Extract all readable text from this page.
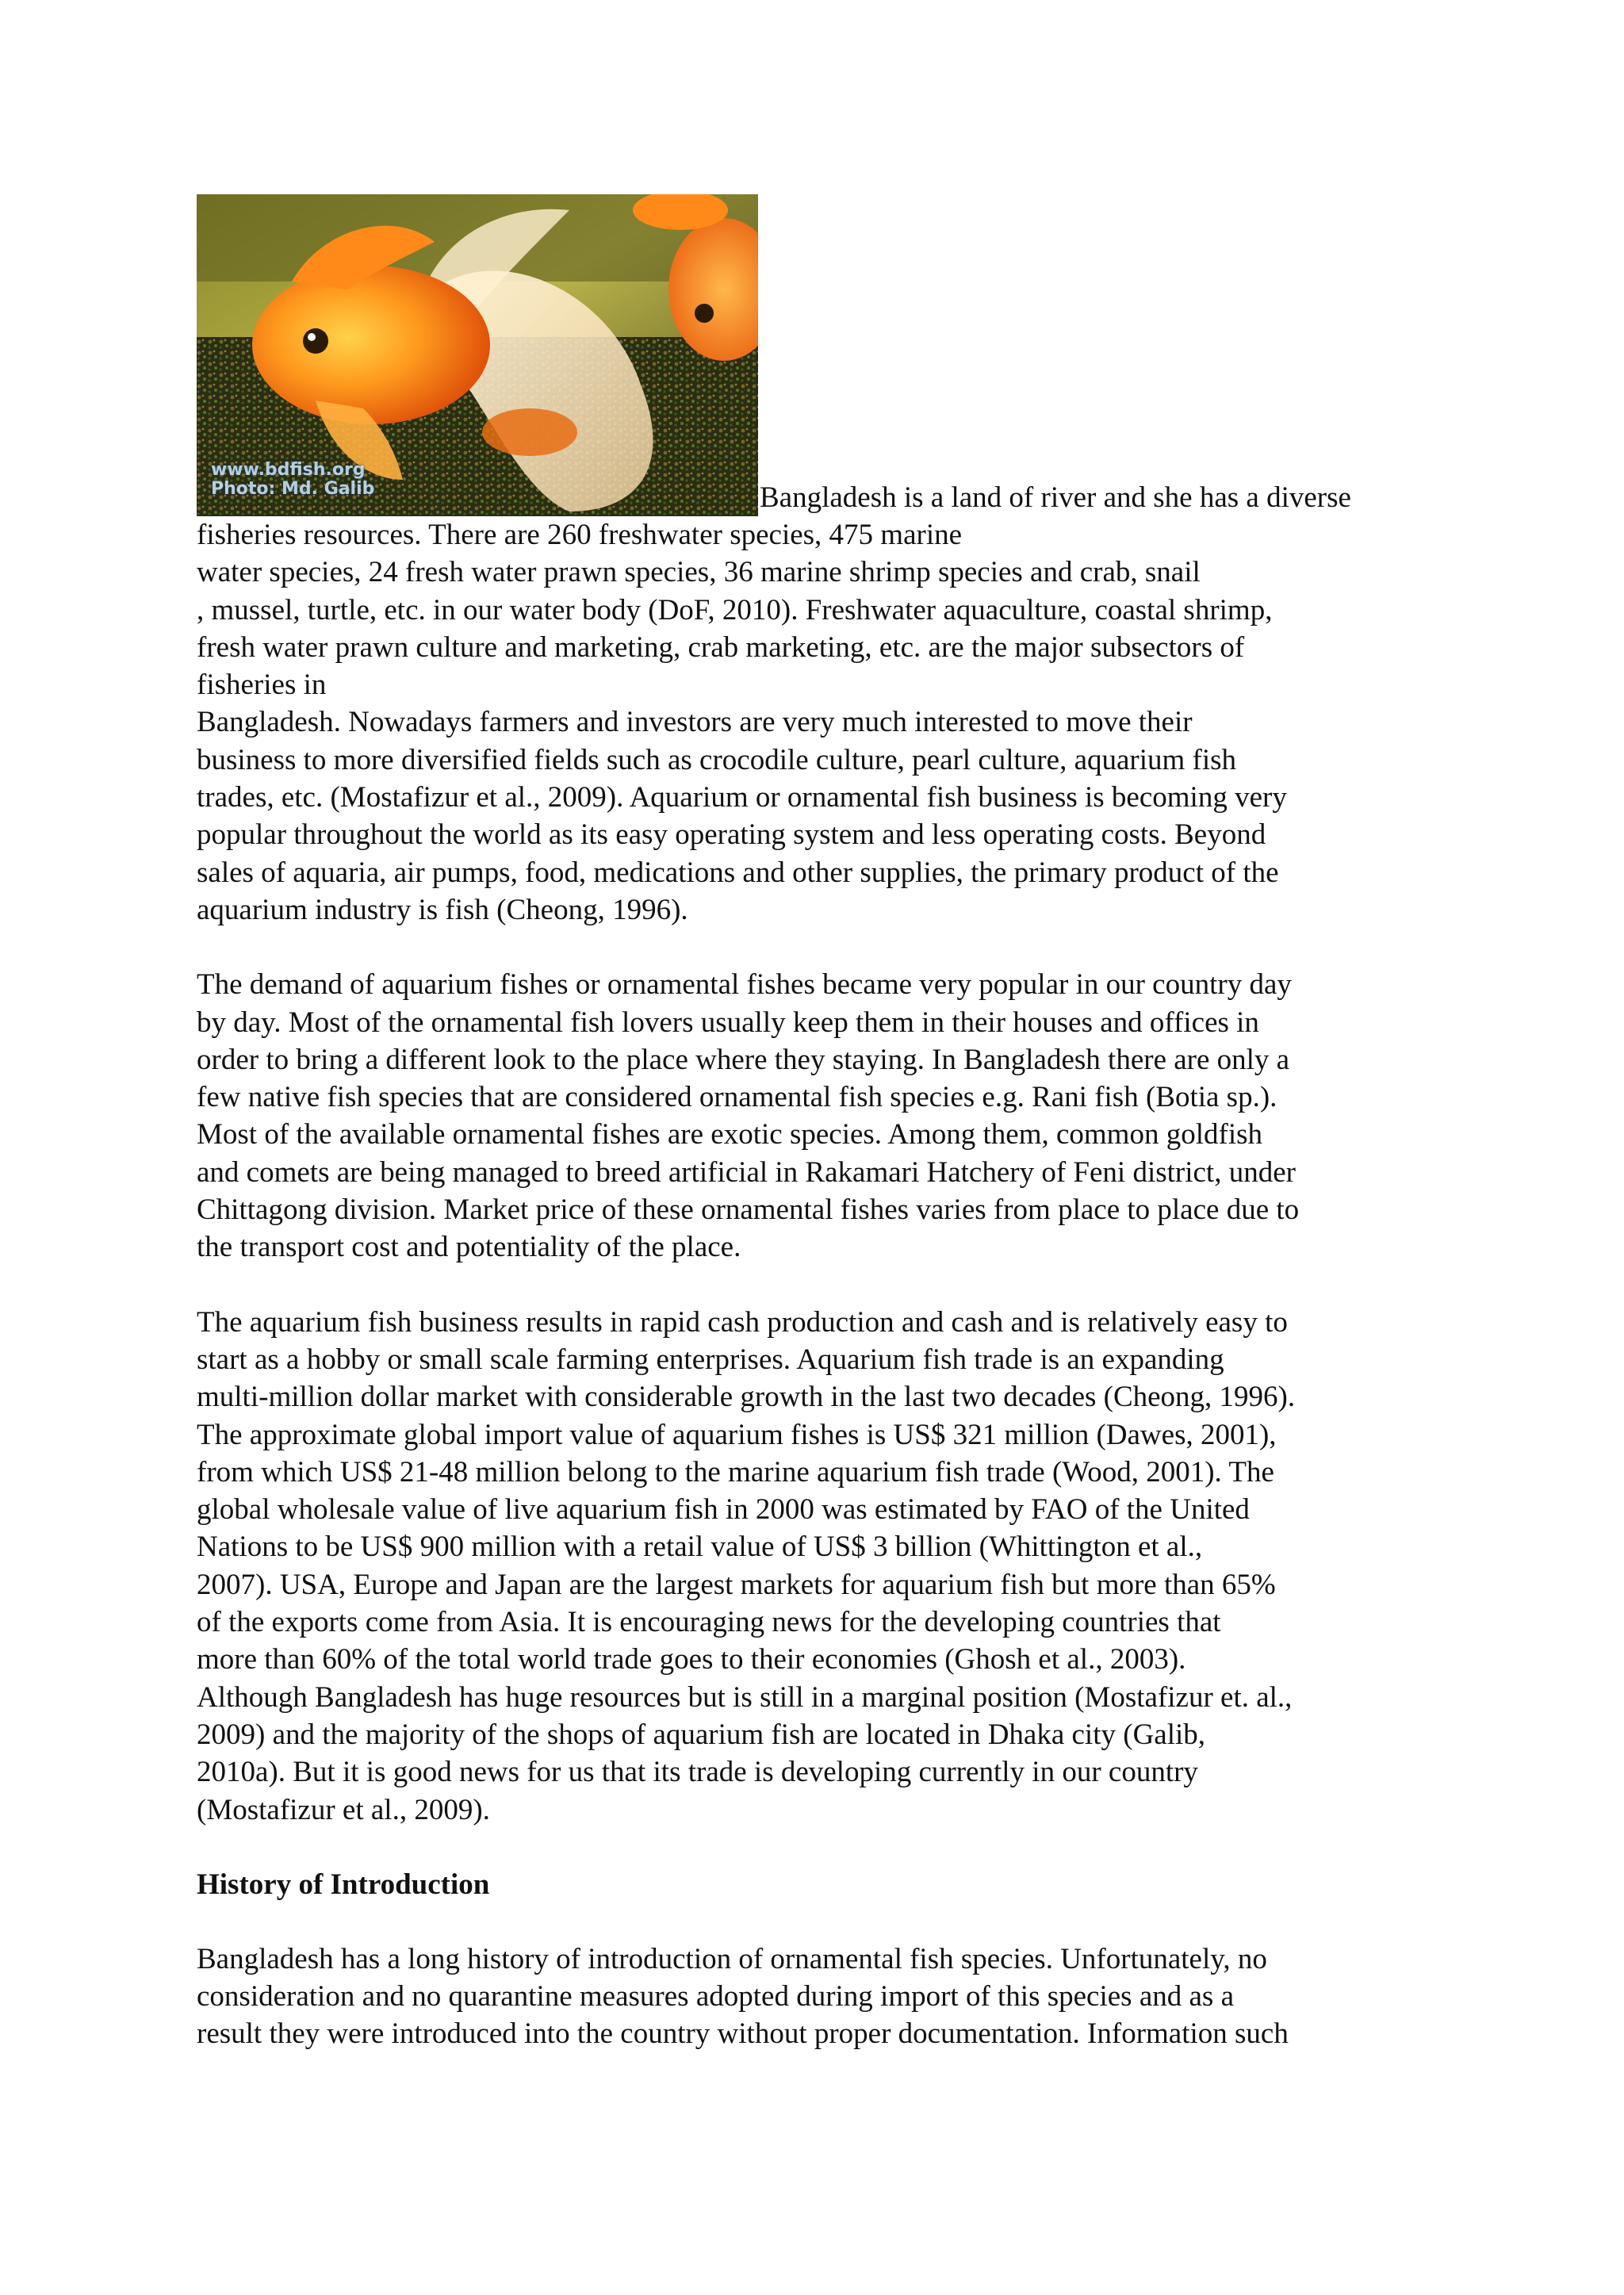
www.bdfish.org
Photo: Md. Galib	Bangladesh is a land of river and she has a diverse

fisheries resources. There are 260 freshwater species, 475 marine
water species, 24 fresh water prawn species, 36 marine shrimp species and crab, snail
, mussel, turtle, etc. in our water body (DoF, 2010). Freshwater aquaculture, coastal shrimp,
fresh water prawn culture and marketing, crab marketing, etc. are the major subsectors of
fisheries in
Bangladesh. Nowadays farmers and investors are very much interested to move their
business to more diversified fields such as crocodile culture, pearl culture, aquarium fish
trades, etc. (Mostafizur et al., 2009). Aquarium or ornamental fish business is becoming very
popular throughout the world as its easy operating system and less operating costs. Beyond
sales of aquaria, air pumps, food, medications and other supplies, the primary product of the
aquarium industry is fish (Cheong, 1996).

The demand of aquarium fishes or ornamental fishes became very popular in our country day
by day. Most of the ornamental fish lovers usually keep them in their houses and offices in
order to bring a different look to the place where they staying. In Bangladesh there are only a
few native fish species that are considered ornamental fish species e.g. Rani fish (Botia sp.).
Most of the available ornamental fishes are exotic species. Among them, common goldfish
and comets are being managed to breed artificial in Rakamari Hatchery of Feni district, under
Chittagong division. Market price of these ornamental fishes varies from place to place due to
the transport cost and potentiality of the place.

The aquarium fish business results in rapid cash production and cash and is relatively easy to
start as a hobby or small scale farming enterprises. Aquarium fish trade is an expanding
multi-million dollar market with considerable growth in the last two decades (Cheong, 1996).
The approximate global import value of aquarium fishes is US$ 321 million (Dawes, 2001),
from which US$ 21-48 million belong to the marine aquarium fish trade (Wood, 2001). The
global wholesale value of live aquarium fish in 2000 was estimated by FAO of the United
Nations to be US$ 900 million with a retail value of US$ 3 billion (Whittington et al.,
2007). USA, Europe and Japan are the largest markets for aquarium fish but more than 65%
of the exports come from Asia. It is encouraging news for the developing countries that
more than 60% of the total world trade goes to their economies (Ghosh et al., 2003).
Although Bangladesh has huge resources but is still in a marginal position (Mostafizur et. al.,
2009) and the majority of the shops of aquarium fish are located in Dhaka city (Galib,
2010a). But it is good news for us that its trade is developing currently in our country
(Mostafizur et al., 2009).

History of Introduction

Bangladesh has a long history of introduction of ornamental fish species. Unfortunately, no
consideration and no quarantine measures adopted during import of this species and as a
result they were introduced into the country without proper documentation. Information such
